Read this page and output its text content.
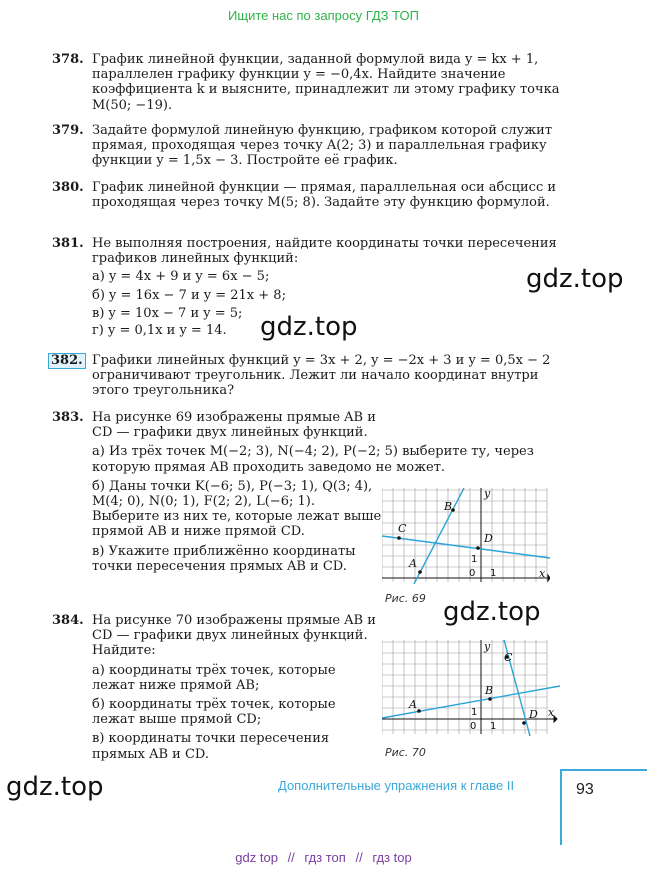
Ищите нас по запросу ГДЗ ТОП
378. График линейной функции, заданной формулой вида y = kx + 1, параллелен графику функции y = −0,4x. Найдите значение коэффициента k и выясните, принадлежит ли этому графику точка M(50; −19).
379. Задайте формулой линейную функцию, графиком которой служит прямая, проходящая через точку A(2; 3) и параллельная графику функции y = 1,5x − 3. Постройте её график.
380. График линейной функции — прямая, параллельная оси абсцисс и проходящая через точку M(5; 8). Задайте эту функцию формулой.
381. Не выполняя построения, найдите координаты точки пересечения графиков линейных функций:
а) y = 4x + 9 и y = 6x − 5;
б) y = 16x − 7 и y = 21x + 8;
в) y = 10x − 7 и y = 5;
г) y = 0,1x и y = 14.
382. Графики линейных функций y = 3x + 2, y = −2x + 3 и y = 0,5x − 2 ограничивают треугольник. Лежит ли начало координат внутри этого треугольника?
383. На рисунке 69 изображены прямые AB и CD — графики двух линейных функций.
а) Из трёх точек M(−2; 3), N(−4; 2), P(−2; 5) выберите ту, через которую прямая AB проходить заведомо не может.
б) Даны точки K(−6; 5), P(−3; 1), Q(3; 4), M(4; 0), N(0; 1), F(2; 2), L(−6; 1). Выберите из них те, которые лежат выше прямой AB и ниже прямой CD.
в) Укажите приближённо координаты точки пересечения прямых AB и CD.
384. На рисунке 70 изображены прямые AB и CD — графики двух линейных функций. Найдите:
а) координаты трёх точек, которые лежат ниже прямой AB;
б) координаты трёх точек, которые лежат выше прямой CD;
в) координаты точки пересечения прямых AB и CD.
C
D
B
A
y
x
0 1
1
Рис. 69
A
B
C
D
y
x
0 1
1
Рис. 70
gdz.top
gdz.top
gdz.top
gdz.top	Дополнительные упражнения к главе II	93
gdz top // гдз топ // гдз top
